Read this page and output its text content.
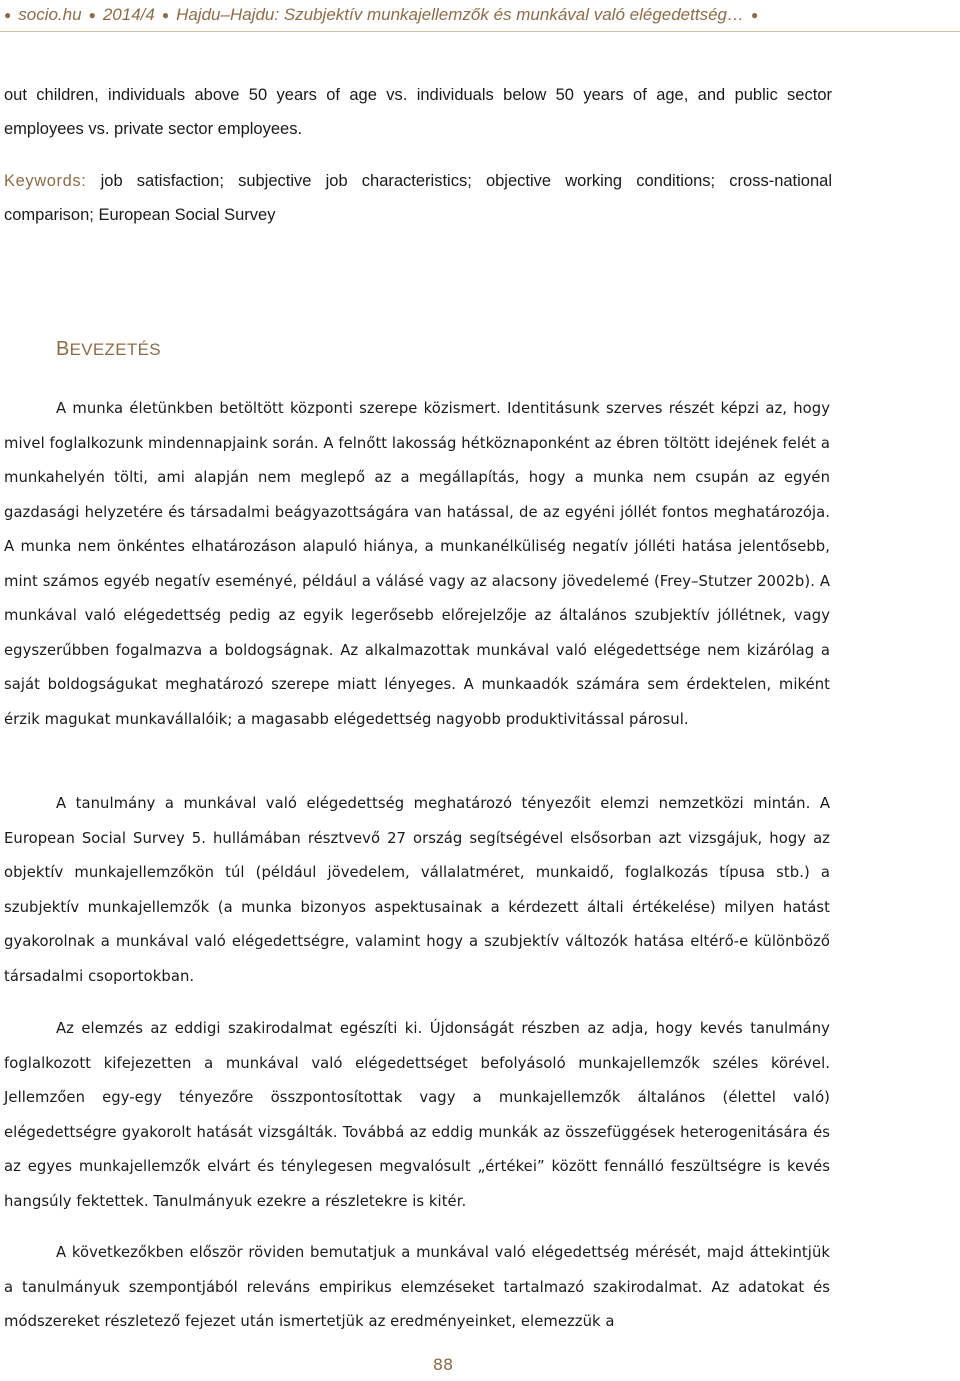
● socio.hu ● 2014/4 ● Hajdu–Hajdu: Szubjektív munkajellemzők és munkával való elégedettség… ●

out children, individuals above 50 years of age vs. individuals below 50 years of age, and public sector employees vs. private sector employees.

Keywords: job satisfaction; subjective job characteristics; objective working conditions; cross-national comparison; European Social Survey

BEVEZETÉS

A munka életünkben betöltött központi szerepe közismert. Identitásunk szerves részét képzi az, hogy mivel foglalkozunk mindennapjaink során. A felnőtt lakosság hétköznaponként az ébren töltött idejének felét a munkahelyén tölti, ami alapján nem meglepő az a megállapítás, hogy a munka nem csupán az egyén gazdasági helyzetére és társadalmi beágyazottságára van hatással, de az egyéni jóllét fontos meghatározója. A munka nem önkéntes elhatározáson alapuló hiánya, a munkanélküliség negatív jólléti hatása jelentősebb, mint számos egyéb negatív eseményé, például a válásé vagy az alacsony jövedelemé (Frey–Stutzer 2002b). A munkával való elégedettség pedig az egyik legerősebb előrejelzője az általános szubjektív jóllétnek, vagy egyszerűbben fogalmazva a boldogságnak. Az alkalmazottak munkával való elégedettsége nem kizárólag a saját boldogságukat meghatározó szerepe miatt lényeges. A munkaadók számára sem érdektelen, miként érzik magukat munkavállalóik; a magasabb elégedettség nagyobb produktivitással párosul.

A tanulmány a munkával való elégedettség meghatározó tényezőit elemzi nemzetközi mintán. A European Social Survey 5. hullámában résztvevő 27 ország segítségével elsősorban azt vizsgájuk, hogy az objektív munkajellemzőkön túl (például jövedelem, vállalatméret, munkaidő, foglalkozás típusa stb.) a szubjektív munkajellemzők (a munka bizonyos aspektusainak a kérdezett általi értékelése) milyen hatást gyakorolnak a munkával való elégedettségre, valamint hogy a szubjektív változók hatása eltérő-e különböző társadalmi csoportokban.

Az elemzés az eddigi szakirodalmat egészíti ki. Újdonságát részben az adja, hogy kevés tanulmány foglalkozott kifejezetten a munkával való elégedettséget befolyásoló munkajellemzők széles körével. Jellemzően egy-egy tényezőre összpontosítottak vagy a munkajellemzők általános (élettel való) elégedettségre gyakorolt hatását vizsgálták. Továbbá az eddig munkák az összefüggések heterogenitására és az egyes munkajellemzők elvárt és ténylegesen megvalósult „értékei” között fennálló feszültségre is kevés hangsúly fektettek. Tanulmányuk ezekre a részletekre is kitér.

A következőkben először röviden bemutatjuk a munkával való elégedettség mérését, majd áttekintjük a tanulmányuk szempontjából releváns empirikus elemzéseket tartalmazó szakirodalmat. Az adatokat és módszereket részletező fejezet után ismertetjük az eredményeinket, elemezzük a

88
